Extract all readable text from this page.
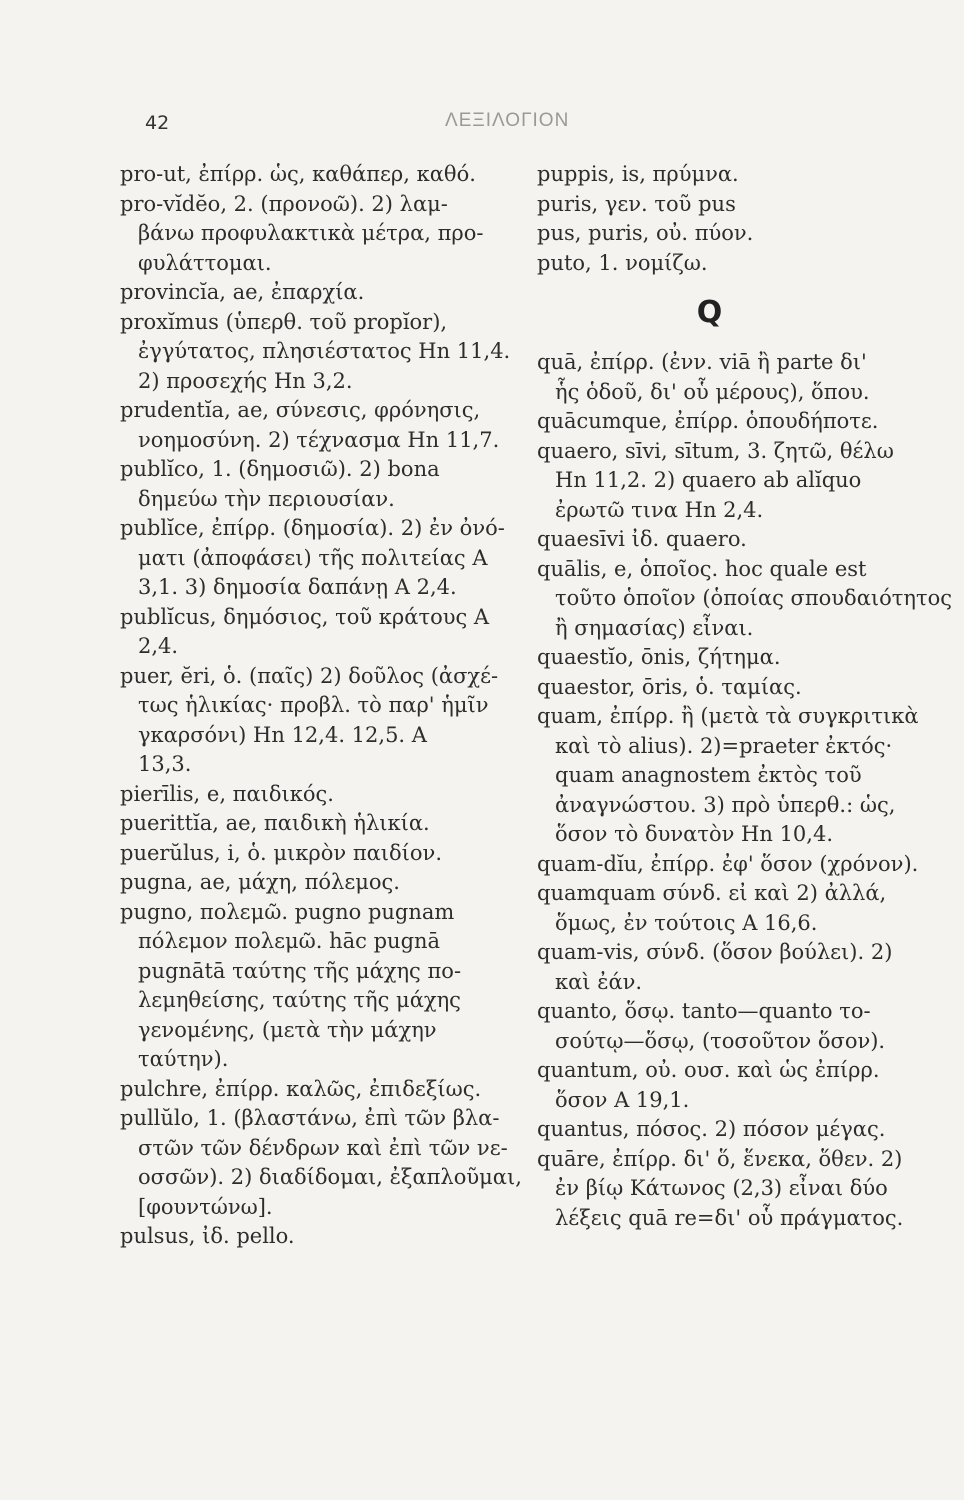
42	ΛΕΞΙΛΟΓΙΟΝ
pro-ut, ἐπίρρ. ὡς, καθάπερ, καθό.
pro-vĭdĕo, 2. (προνοῶ). 2) λαμ-
βάνω προφυλακτικὰ μέτρα, προ-
φυλάττομαι.
provincĭa, ae, ἐπαρχία.
proxĭmus (ὑπερθ. τοῦ propĭor),
ἐγγύτατος, πλησιέστατος Hn 11,4.
2) προσεχής Hn 3,2.
prudentĭa, ae, σύνεσις, φρόνησις,
νοημοσύνη. 2) τέχνασμα Hn 11,7.
publĭco, 1. (δημοσιῶ). 2) bona
δημεύω τὴν περιουσίαν.
publĭce, ἐπίρρ. (δημοσία). 2) ἐν ὀνό-
ματι (ἀποφάσει) τῆς πολιτείας A
3,1. 3) δημοσία δαπάνῃ A 2,4.
publĭcus, δημόσιος, τοῦ κράτους A
2,4.
puer, ĕri, ὁ. (παῖς) 2) δοῦλος (ἀσχέ-
τως ἡλικίας· προβλ. τὸ παρ' ἡμῖν
γκαρσόνι) Hn 12,4. 12,5. A
13,3.
pierīlis, e, παιδικός.
puerittĭa, ae, παιδικὴ ἡλικία.
puerŭlus, i, ὁ. μικρὸν παιδίον.
pugna, ae, μάχη, πόλεμος.
pugno, πολεμῶ. pugno pugnam
πόλεμον πολεμῶ. hāc pugnā
pugnātā ταύτης τῆς μάχης πο-
λεμηθείσης, ταύτης τῆς μάχης
γενομένης, (μετὰ τὴν μάχην
ταύτην).
pulchre, ἐπίρρ. καλῶς, ἐπιδεξίως.
pullŭlo, 1. (βλαστάνω, ἐπὶ τῶν βλα-
στῶν τῶν δένδρων καὶ ἐπὶ τῶν νε-
οσσῶν). 2) διαδίδομαι, ἐξαπλοῦμαι,
[φουντώνω].
pulsus, ἰδ. pello.
puppis, is, πρύμνα.
puris, γεν. τοῦ pus
pus, puris, οὐ. πύον.
puto, 1. νομίζω.
Q
quā, ἐπίρρ. (ἐνν. viā ἢ parte δι'
ἧς ὁδοῦ, δι' οὗ μέρους), ὅπου.
quācumque, ἐπίρρ. ὁπουδήποτε.
quaero, sīvi, sītum, 3. ζητῶ, θέλω
Hn 11,2. 2) quaero ab alĭquo
ἐρωτῶ τινα Hn 2,4.
quaesīvi ἰδ. quaero.
quālis, e, ὁποῖος. hoc quale est
τοῦτο ὁποῖον (ὁποίας σπουδαιότητος
ἢ σημασίας) εἶναι.
quaestĭo, ōnis, ζήτημα.
quaestor, ōris, ὁ. ταμίας.
quam, ἐπίρρ. ἢ (μετὰ τὰ συγκριτικὰ
καὶ τὸ alius). 2)=praeter ἐκτός·
quam anagnostem ἐκτὸς τοῦ
ἀναγνώστου. 3) πρὸ ὑπερθ.: ὡς,
ὅσον τὸ δυνατὸν Hn 10,4.
quam-dĭu, ἐπίρρ. ἐφ' ὅσον (χρόνον).
quamquam σύνδ. εἰ καὶ 2) ἀλλά,
ὅμως, ἐν τούτοις A 16,6.
quam-vis, σύνδ. (ὅσον βούλει). 2)
καὶ ἐάν.
quanto, ὅσῳ. tanto—quanto το-
σούτῳ—ὅσῳ, (τοσοῦτον ὅσον).
quantum, οὐ. ουσ. καὶ ὡς ἐπίρρ.
ὅσον A 19,1.
quantus, πόσος. 2) πόσον μέγας.
quāre, ἐπίρρ. δι' ὅ, ἕνεκα, ὅθεν. 2)
ἐν βίῳ Κάτωνος (2,3) εἶναι δύο
λέξεις quā re=δι' οὗ πράγματος.
